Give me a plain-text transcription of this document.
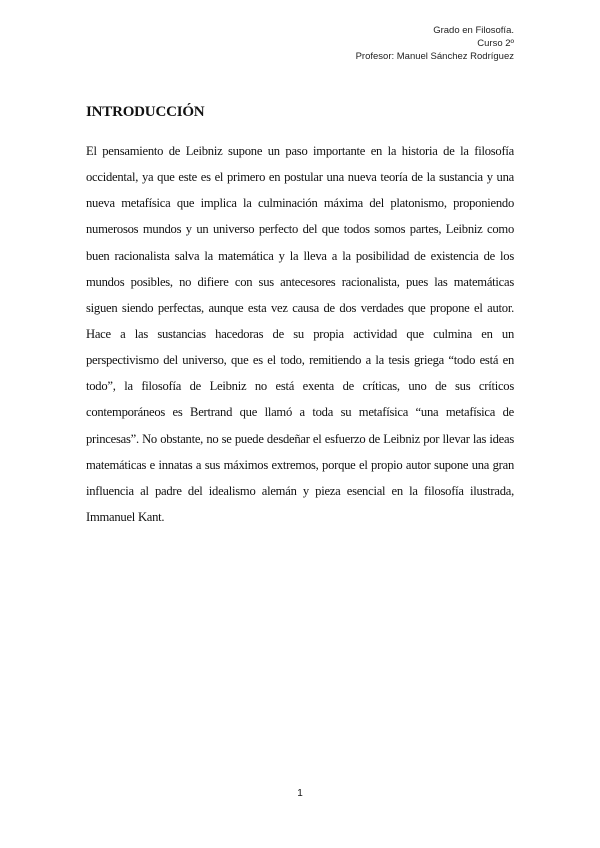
Grado en Filosofía.
Curso 2º
Profesor: Manuel Sánchez Rodríguez
INTRODUCCIÓN
El pensamiento de Leibniz supone un paso importante en la historia de la filosofía
occidental, ya que este es el primero en postular una nueva teoría de la sustancia y una
nueva metafísica que implica la culminación máxima del platonismo, proponiendo
numerosos mundos y un universo perfecto del que todos somos partes, Leibniz como
buen racionalista salva la matemática y la lleva a la posibilidad de existencia de los
mundos posibles, no difiere con sus antecesores racionalista, pues las matemáticas
siguen siendo perfectas, aunque esta vez causa de dos verdades que propone el autor.
Hace a las sustancias hacedoras de su propia actividad que culmina en un
perspectivismo del universo, que es el todo, remitiendo a la tesis griega “todo está en
todo”, la filosofía de Leibniz no está exenta de críticas, uno de sus críticos
contemporáneos es Bertrand que llamó a toda su metafísica “una metafísica de
princesas”. No obstante, no se puede desdeñar el esfuerzo de Leibniz por llevar las ideas
matemáticas e innatas a sus máximos extremos, porque el propio autor supone una gran
influencia al padre del idealismo alemán y pieza esencial en la filosofía ilustrada,
Immanuel Kant.
1
